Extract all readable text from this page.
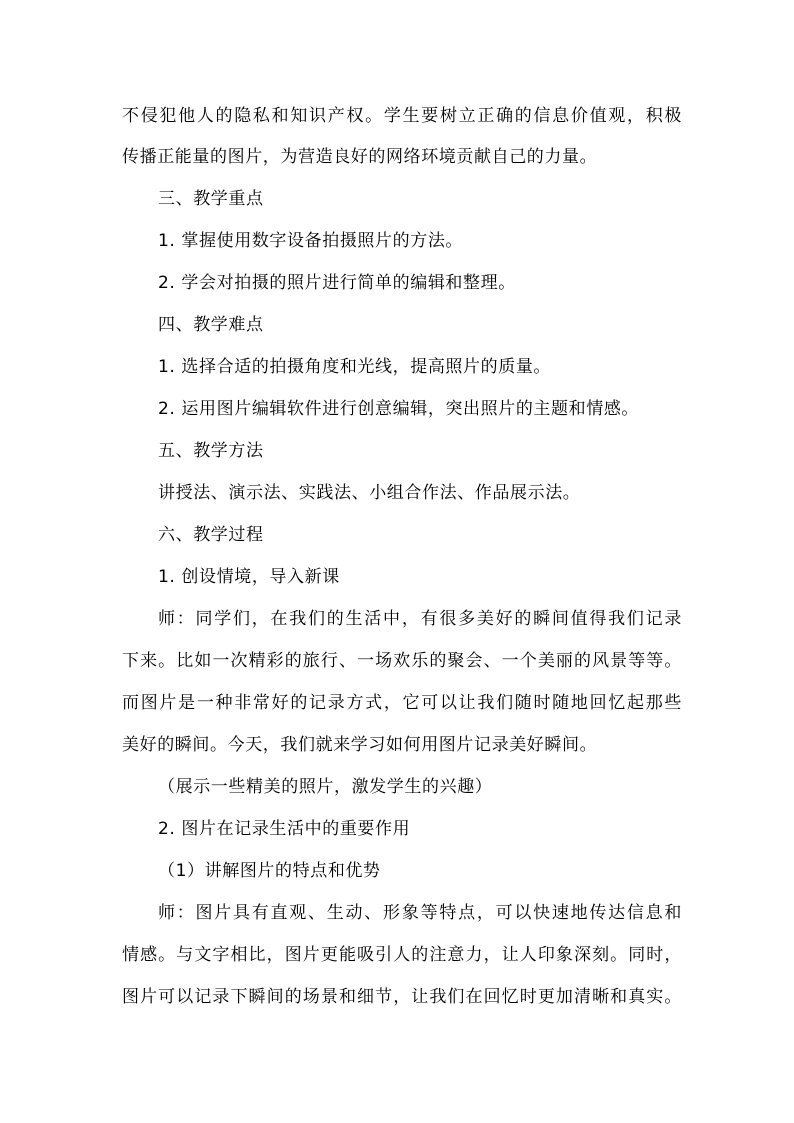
不侵犯他人的隐私和知识产权。学生要树立正确的信息价值观，积极
传播正能量的图片，为营造良好的网络环境贡献自己的力量。
三、教学重点
1. 掌握使用数字设备拍摄照片的方法。
2. 学会对拍摄的照片进行简单的编辑和整理。
四、教学难点
1. 选择合适的拍摄角度和光线，提高照片的质量。
2. 运用图片编辑软件进行创意编辑，突出照片的主题和情感。
五、教学方法
讲授法、演示法、实践法、小组合作法、作品展示法。
六、教学过程
1. 创设情境，导入新课
师：同学们，在我们的生活中，有很多美好的瞬间值得我们记录
下来。比如一次精彩的旅行、一场欢乐的聚会、一个美丽的风景等等。
而图片是一种非常好的记录方式，它可以让我们随时随地回忆起那些
美好的瞬间。今天，我们就来学习如何用图片记录美好瞬间。
（展示一些精美的照片，激发学生的兴趣）
2. 图片在记录生活中的重要作用
（1）讲解图片的特点和优势
师：图片具有直观、生动、形象等特点，可以快速地传达信息和
情感。与文字相比，图片更能吸引人的注意力，让人印象深刻。同时，
图片可以记录下瞬间的场景和细节，让我们在回忆时更加清晰和真实。
